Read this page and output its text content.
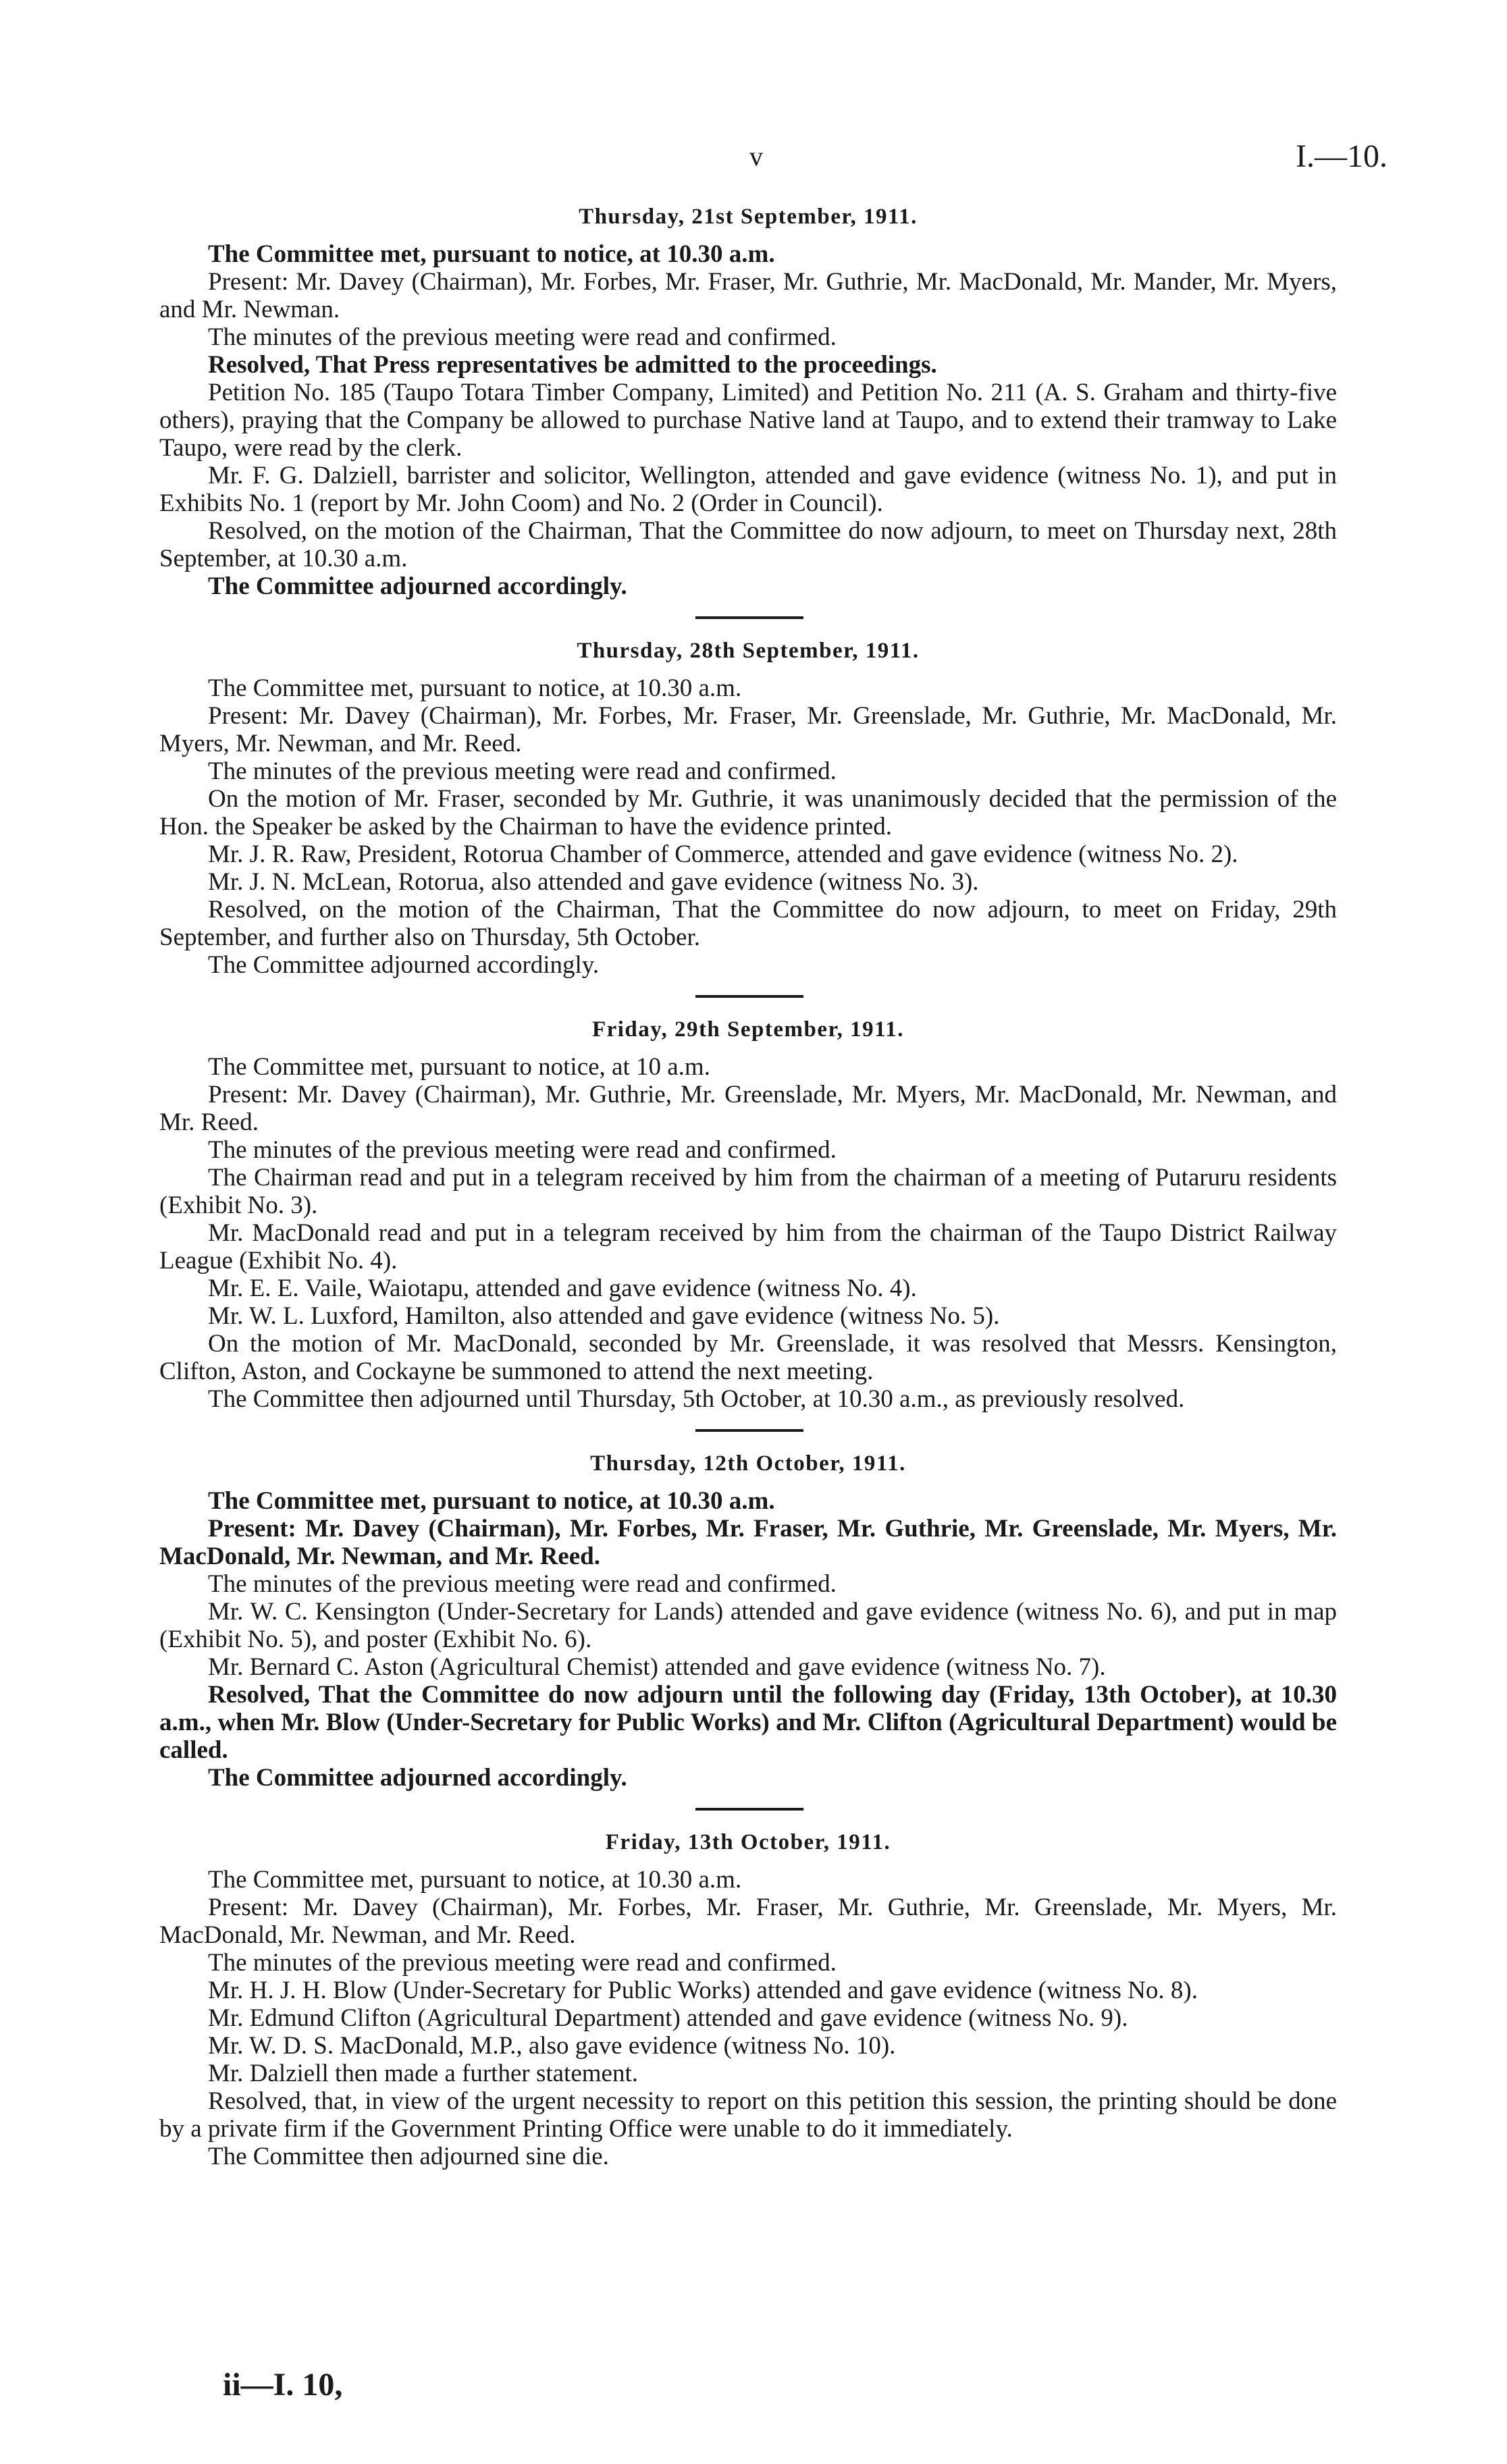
v	I.—10.
Thursday, 21st September, 1911.

The Committee met, pursuant to notice, at 10.30 a.m.

Present: Mr. Davey (Chairman), Mr. Forbes, Mr. Fraser, Mr. Guthrie, Mr. MacDonald, Mr. Mander, Mr. Myers, and Mr. Newman.

The minutes of the previous meeting were read and confirmed.

Resolved, That Press representatives be admitted to the proceedings.

Petition No. 185 (Taupo Totara Timber Company, Limited) and Petition No. 211 (A. S. Graham and thirty-five others), praying that the Company be allowed to purchase Native land at Taupo, and to extend their tramway to Lake Taupo, were read by the clerk.

Mr. F. G. Dalziell, barrister and solicitor, Wellington, attended and gave evidence (witness No. 1), and put in Exhibits No. 1 (report by Mr. John Coom) and No. 2 (Order in Council).

Resolved, on the motion of the Chairman, That the Committee do now adjourn, to meet on Thursday next, 28th September, at 10.30 a.m.

The Committee adjourned accordingly.

Thursday, 28th September, 1911.

The Committee met, pursuant to notice, at 10.30 a.m.

Present: Mr. Davey (Chairman), Mr. Forbes, Mr. Fraser, Mr. Greenslade, Mr. Guthrie, Mr. MacDonald, Mr. Myers, Mr. Newman, and Mr. Reed.

The minutes of the previous meeting were read and confirmed.

On the motion of Mr. Fraser, seconded by Mr. Guthrie, it was unanimously decided that the permission of the Hon. the Speaker be asked by the Chairman to have the evidence printed.

Mr. J. R. Raw, President, Rotorua Chamber of Commerce, attended and gave evidence (witness No. 2).

Mr. J. N. McLean, Rotorua, also attended and gave evidence (witness No. 3).

Resolved, on the motion of the Chairman, That the Committee do now adjourn, to meet on Friday, 29th September, and further also on Thursday, 5th October.

The Committee adjourned accordingly.

Friday, 29th September, 1911.

The Committee met, pursuant to notice, at 10 a.m.

Present: Mr. Davey (Chairman), Mr. Guthrie, Mr. Greenslade, Mr. Myers, Mr. MacDonald, Mr. Newman, and Mr. Reed.

The minutes of the previous meeting were read and confirmed.

The Chairman read and put in a telegram received by him from the chairman of a meeting of Putaruru residents (Exhibit No. 3).

Mr. MacDonald read and put in a telegram received by him from the chairman of the Taupo District Railway League (Exhibit No. 4).

Mr. E. E. Vaile, Waiotapu, attended and gave evidence (witness No. 4).

Mr. W. L. Luxford, Hamilton, also attended and gave evidence (witness No. 5).

On the motion of Mr. MacDonald, seconded by Mr. Greenslade, it was resolved that Messrs. Kensington, Clifton, Aston, and Cockayne be summoned to attend the next meeting.

The Committee then adjourned until Thursday, 5th October, at 10.30 a.m., as previously resolved.

Thursday, 12th October, 1911.

The Committee met, pursuant to notice, at 10.30 a.m.

Present: Mr. Davey (Chairman), Mr. Forbes, Mr. Fraser, Mr. Guthrie, Mr. Greenslade, Mr. Myers, Mr. MacDonald, Mr. Newman, and Mr. Reed.

The minutes of the previous meeting were read and confirmed.

Mr. W. C. Kensington (Under-Secretary for Lands) attended and gave evidence (witness No. 6), and put in map (Exhibit No. 5), and poster (Exhibit No. 6).

Mr. Bernard C. Aston (Agricultural Chemist) attended and gave evidence (witness No. 7).

Resolved, That the Committee do now adjourn until the following day (Friday, 13th October), at 10.30 a.m., when Mr. Blow (Under-Secretary for Public Works) and Mr. Clifton (Agricultural Department) would be called.

The Committee adjourned accordingly.

Friday, 13th October, 1911.

The Committee met, pursuant to notice, at 10.30 a.m.

Present: Mr. Davey (Chairman), Mr. Forbes, Mr. Fraser, Mr. Guthrie, Mr. Greenslade, Mr. Myers, Mr. MacDonald, Mr. Newman, and Mr. Reed.

The minutes of the previous meeting were read and confirmed.

Mr. H. J. H. Blow (Under-Secretary for Public Works) attended and gave evidence (witness No. 8).

Mr. Edmund Clifton (Agricultural Department) attended and gave evidence (witness No. 9).

Mr. W. D. S. MacDonald, M.P., also gave evidence (witness No. 10).

Mr. Dalziell then made a further statement.

Resolved, that, in view of the urgent necessity to report on this petition this session, the printing should be done by a private firm if the Government Printing Office were unable to do it immediately.

The Committee then adjourned sine die.

ii—I. 10,
